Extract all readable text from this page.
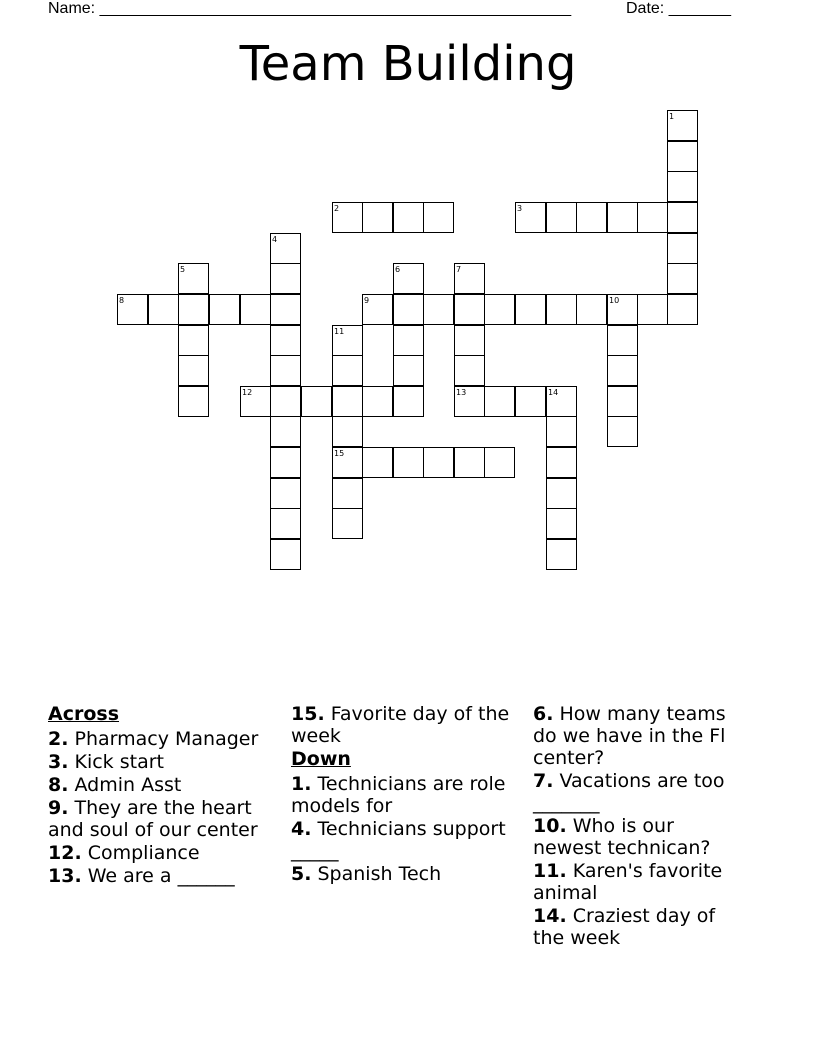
Name: _____________________________________________________

	Date: _______

Team Building
1
2	3
4
5	6	7
8	9	10
11
12	13	14
15
Across
2. Pharmacy Manager
3. Kick start
8. Admin Asst
9. They are the heart and soul of our center
12. Compliance
13. We are a ______
15. Favorite day of the week
Down
1. Technicians are role models for
4. Technicians support _____
5. Spanish Tech
6. How many teams do we have in the Fl center?
7. Vacations are too _______
10. Who is our newest technican?
11. Karen's favorite animal
14. Craziest day of the week
